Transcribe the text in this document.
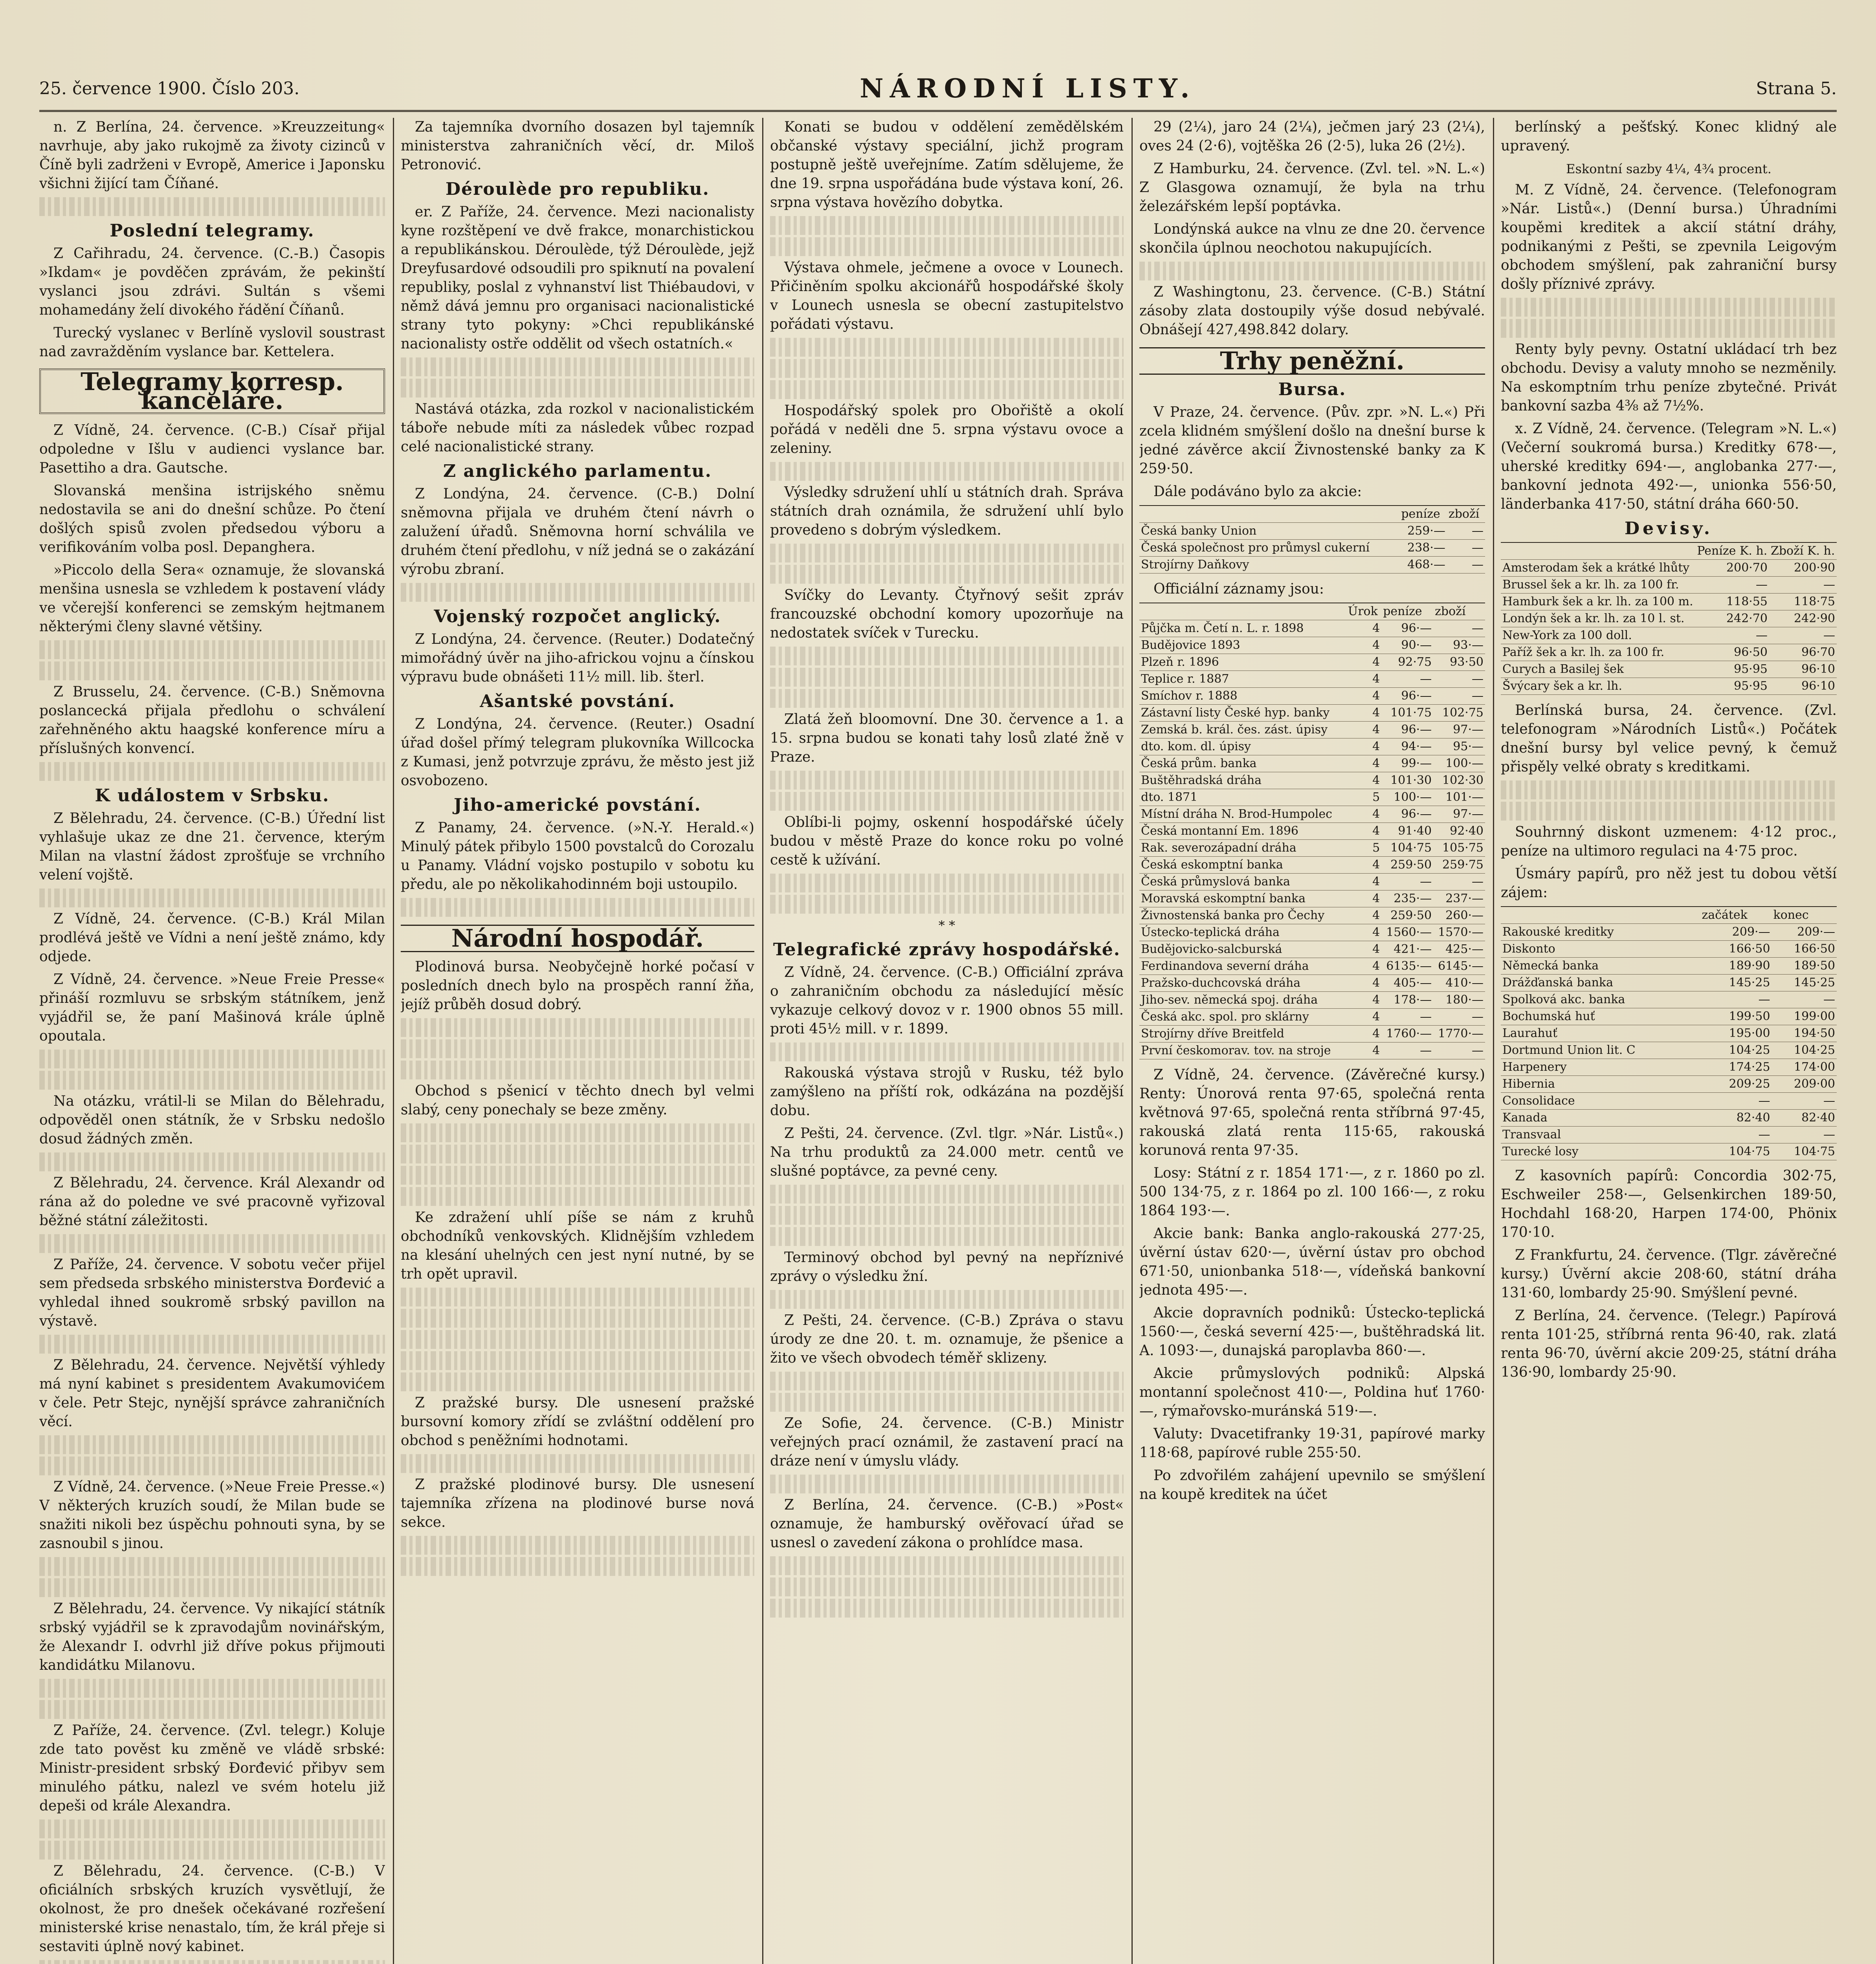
25. července 1900. Číslo 203.	NÁRODNÍ LISTY.	Strana 5.

n. Z Berlína, 24. července. »Kreuzzeitung« navrhuje, aby jako rukojmě za životy cizinců v Číně byli zadrženi v Evropě, Americe i Japonsku všichni žijící tam Číňané.

Poslední telegramy.

Z Cařihradu, 24. července. (C.-B.) Časopis »Ikdam« je povděčen zprávám, že pekinští vyslanci jsou zdrávi. Sultán s všemi mohamedány želí divokého řádění Číňanů.

Turecký vyslanec v Berlíně vyslovil soustrast nad zavražděním vyslance bar. Kettelera.

Telegramy korresp. kanceláře.

Z Vídně, 24. července. (C-B.) Císař přijal odpoledne v Išlu v audienci vyslance bar. Pasettiho a dra. Gautsche.

Slovanská menšina istrijského sněmu nedostavila se ani do dnešní schůze. Po čtení došlých spisů zvolen předsedou výboru a verifikováním volba posl. Depanghera.

»Piccolo della Sera« oznamuje, že slovanská menšina usnesla se vzhledem k postavení vlády ve včerejší konferenci se zemským hejtmanem některými členy slavné většiny.

Z Brusselu, 24. července. (C-B.) Sněmovna poslancecká přijala předlohu o schválení zařehněného aktu haagské konference míru a příslušných konvencí.

K událostem v Srbsku.

Z Bělehradu, 24. července. (C-B.) Úřední list vyhlašuje ukaz ze dne 21. července, kterým Milan na vlastní žádost zprošťuje se vrchního velení vojště.

Z Vídně, 24. července. (C-B.) Král Milan prodlévá ještě ve Vídni a není ještě známo, kdy odjede.

Z Vídně, 24. července. »Neue Freie Presse« přináší rozmluvu se srbským státníkem, jenž vyjádřil se, že paní Mašinová krále úplně opoutala.

Na otázku, vrátil-li se Milan do Bělehradu, odpověděl onen státník, že v Srbsku nedošlo dosud žádných změn.

Z Bělehradu, 24. července. Král Alexandr od rána až do poledne ve své pracovně vyřizoval běžné státní záležitosti.

Z Paříže, 24. července. V sobotu večer přijel sem předseda srbského ministerstva Đorđević a vyhledal ihned soukromě srbský pavillon na výstavě.

Z Bělehradu, 24. července. Největší výhledy má nyní kabinet s presidentem Avakumovićem v čele. Petr Stejc, nynější správce zahraničních věcí.

Z Vídně, 24. července. (»Neue Freie Presse.«) V některých kruzích soudí, že Milan bude se snažiti nikoli bez úspěchu pohnouti syna, by se zasnoubil s jinou.

Z Bělehradu, 24. července. Vy nikající státník srbský vyjádřil se k zpravodajům novinářským, že Alexandr I. odvrhl již dříve pokus přijmouti kandidátku Milanovu.

Z Paříže, 24. července. (Zvl. telegr.) Koluje zde tato pověst ku změně ve vládě srbské: Ministr-president srbský Đorđević přibyv sem minulého pátku, nalezl ve svém hotelu již depeši od krále Alexandra.

Z Bělehradu, 24. července. (C-B.) V oficiálních srbských kruzích vysvětlují, že okolnost, že pro dnešek očekávané rozřešení ministerské krise nenastalo, tím, že král přeje si sestaviti úplně nový kabinet.

Za tajemníka dvorního dosazen byl tajemník ministerstva zahraničních věcí, dr. Miloš Petronović.

Déroulède pro republiku.

er. Z Paříže, 24. července. Mezi nacionalisty kyne rozštěpení ve dvě frakce, monarchistickou a republikánskou. Déroulède, týž Déroulède, jejž Dreyfusardové odsoudili pro spiknutí na povalení republiky, poslal z vyhnanství list Thiébaudovi, v němž dává jemnu pro organisaci nacionalistické strany tyto pokyny: »Chci republikánské nacionalisty ostře oddělit od všech ostatních.«

Nastává otázka, zda rozkol v nacionalistickém táboře nebude míti za následek vůbec rozpad celé nacionalistické strany.

Z anglického parlamentu.

Z Londýna, 24. července. (C-B.) Dolní sněmovna přijala ve druhém čtení návrh o zalužení úřadů. Sněmovna horní schválila ve druhém čtení předlohu, v níž jedná se o zakázání výrobu zbraní.

Vojenský rozpočet anglický.

Z Londýna, 24. července. (Reuter.) Dodatečný mimořádný úvěr na jiho-africkou vojnu a čínskou výpravu bude obnášeti 11½ mill. lib. šterl.

Ašantské povstání.

Z Londýna, 24. července. (Reuter.) Osadní úřad došel přímý telegram plukovníka Willcocka z Kumasi, jenž potvrzuje zprávu, že město jest již osvobozeno.

Jiho-americké povstání.

Z Panamy, 24. července. (»N.-Y. Herald.«) Minulý pátek přibylo 1500 povstalců do Corozalu u Panamy. Vládní vojsko postupilo v sobotu ku předu, ale po několikahodinném boji ustoupilo.

Národní hospodář.

Plodinová bursa. Neobyčejně horké počasí v posledních dnech bylo na prospěch ranní žňa, jejíž průběh dosud dobrý.

Obchod s pšenicí v těchto dnech byl velmi slabý, ceny ponechaly se beze změny.

Ke zdražení uhlí píše se nám z kruhů obchodníků venkovských. Klidnějším vzhledem na klesání uhelných cen jest nyní nutné, by se trh opět upravil.

Z pražské bursy. Dle usnesení pražské bursovní komory zřídí se zvláštní oddělení pro obchod s peněžními hodnotami.

Z pražské plodinové bursy. Dle usnesení tajemníka zřízena na plodinové burse nová sekce.

Konati se budou v oddělení zemědělském občanské výstavy speciální, jichž program postupně ještě uveřejníme. Zatím sdělujeme, že dne 19. srpna uspořádána bude výstava koní, 26. srpna výstava hovězího dobytka.

Výstava ohmele, ječmene a ovoce v Lounech. Přičiněním spolku akcionářů hospodářské školy v Lounech usnesla se obecní zastupitelstvo pořádati výstavu.

Hospodářský spolek pro Obořiště a okolí pořádá v neděli dne 5. srpna výstavu ovoce a zeleniny.

Výsledky sdružení uhlí u státních drah. Správa státních drah oznámila, že sdružení uhlí bylo provedeno s dobrým výsledkem.

Svíčky do Levanty. Čtyřnový sešit zpráv francouzské obchodní komory upozorňuje na nedostatek svíček v Turecku.

Zlatá žeň bloomovní. Dne 30. července a 1. a 15. srpna budou se konati tahy losů zlaté žně v Praze.

Oblíbi-li pojmy, oskenní hospodářské účely budou v městě Praze do konce roku po volné cestě k užívání.

* *
Telegrafické zprávy hospodářské.

Z Vídně, 24. července. (C-B.) Officiální zpráva o zahraničním obchodu za následující měsíc vykazuje celkový dovoz v r. 1900 obnos 55 mill. proti 45½ mill. v r. 1899.

Rakouská výstava strojů v Rusku, též bylo zamýšleno na příští rok, odkázána na pozdější dobu.

Z Pešti, 24. července. (Zvl. tlgr. »Nár. Listů«.) Na trhu produktů za 24.000 metr. centů ve slušné poptávce, za pevné ceny.

Terminový obchod byl pevný na nepříznivé zprávy o výsledku žní.

Z Pešti, 24. července. (C-B.) Zpráva o stavu úrody ze dne 20. t. m. oznamuje, že pšenice a žito ve všech obvodech téměř sklizeny.

Ze Sofie, 24. července. (C-B.) Ministr veřejných prací oznámil, že zastavení prací na dráze není v úmyslu vlády.

Z Berlína, 24. července. (C-B.) »Post« oznamuje, že hamburský ověřovací úřad se usnesl o zavedení zákona o prohlídce masa.

29 (2¼), jaro 24 (2¼), ječmen jarý 23 (2¼), oves 24 (2·6), vojtěška 26 (2·5), luka 26 (2½).

Z Hamburku, 24. července. (Zvl. tel. »N. L.«) Z Glasgowa oznamují, že byla na trhu železářském lepší poptávka.

Londýnská aukce na vlnu ze dne 20. července skončila úplnou neochotou nakupujících.

Z Washingtonu, 23. července. (C-B.) Státní zásoby zlata dostoupily výše dosud nebývalé. Obnášejí 427,498.842 dolary.

Trhy peněžní.
Bursa.

V Praze, 24. července. (Pův. zpr. »N. L.«) Při zcela klidném smýšlení došlo na dnešní burse k jedné závěrce akcií Živnostenské banky za K 259·50.

Dále podáváno bylo za akcie:

	peníze	zboží
Česká banky Union	259·—	—
Česká společnost pro průmysl cukerní	238·—	—
Strojírny Daňkovy	468·—	—

Officiální záznamy jsou:

	Úrok	peníze	zboží
Půjčka m. Četí n. L. r. 1898	4	96·—	—
Budějovice 1893	4	90·—	93·—
Plzeň r. 1896	4	92·75	93·50
Teplice r. 1887	4	—	—
Smíchov r. 1888	4	96·—	—
Zástavní listy České hyp. banky	4	101·75	102·75
Zemská b. král. čes. zást. úpisy	4	96·—	97·—
dto. kom. dl. úpisy	4	94·—	95·—
Česká prům. banka	4	99·—	100·—
Buštěhradská dráha	4	101·30	102·30
dto. 1871	5	100·—	101·—
Místní dráha N. Brod-Humpolec	4	96·—	97·—
Česká montanní Em. 1896	4	91·40	92·40
Rak. severozápadní dráha	5	104·75	105·75
Česká eskomptní banka	4	259·50	259·75
Česká průmyslová banka	4	—	—
Moravská eskomptní banka	4	235·—	237·—
Živnostenská banka pro Čechy	4	259·50	260·—
Ústecko-teplická dráha	4	1560·—	1570·—
Budějovicko-salcburská	4	421·—	425·—
Ferdinandova severní dráha	4	6135·—	6145·—
Pražsko-duchcovská dráha	4	405·—	410·—
Jiho-sev. německá spoj. dráha	4	178·—	180·—
Česká akc. spol. pro sklárny	4	—	—
Strojírny dříve Breitfeld	4	1760·—	1770·—
První českomorav. tov. na stroje	4	—	—

Z Vídně, 24. července. (Závěrečné kursy.) Renty: Únorová renta 97·65, společná renta květnová 97·65, společná renta stříbrná 97·45, rakouská zlatá renta 115·65, rakouská korunová renta 97·35.

Losy: Státní z r. 1854 171·—, z r. 1860 po zl. 500 134·75, z r. 1864 po zl. 100 166·—, z roku 1864 193·—.

Akcie bank: Banka anglo-rakouská 277·25, úvěrní ústav 620·—, úvěrní ústav pro obchod 671·50, unionbanka 518·—, vídeňská bankovní jednota 495·—.

Akcie dopravních podniků: Ústecko-teplická 1560·—, česká severní 425·—, buštěhradská lit. A. 1093·—, dunajská paroplavba 860·—.

Akcie průmyslových podniků: Alpská montanní společnost 410·—, Poldina huť 1760·—, rýmařovsko-muránská 519·—.

Valuty: Dvacetifranky 19·31, papírové marky 118·68, papírové ruble 255·50.

Po zdvořilém zahájení upevnilo se smýšlení na koupě kreditek na účet

berlínský a pešťský. Konec klidný ale upravený.

Eskontní sazby 4¼, 4¾ procent.

M. Z Vídně, 24. července. (Telefonogram »Nár. Listů«.) (Denní bursa.) Úhradními koupěmi kreditek a akcií státní dráhy, podnikanými z Pešti, se zpevnila Leigovým obchodem smýšlení, pak zahraniční bursy došly příznivé zprávy.

Renty byly pevny. Ostatní ukládací trh bez obchodu. Devisy a valuty mnoho se nezměnily. Na eskomptním trhu peníze zbytečné. Privát bankovní sazba 4⅜ až 7½%.

x. Z Vídně, 24. července. (Telegram »N. L.«) (Večerní soukromá bursa.) Kreditky 678·—, uherské kreditky 694·—, anglobanka 277·—, bankovní jednota 492·—, unionka 556·50, länderbanka 417·50, státní dráha 660·50.

Devisy.
	Peníze K. h.	Zboží K. h.
Amsterodam šek a krátké lhůty	200·70	200·90
Brussel šek a kr. lh. za 100 fr.	—	—
Hamburk šek a kr. lh. za 100 m.	118·55	118·75
Londýn šek a kr. lh. za 10 l. st.	242·70	242·90
New-York za 100 doll.	—	—
Paříž šek a kr. lh. za 100 fr.	96·50	96·70
Curych a Basilej šek	95·95	96·10
Švýcary šek a kr. lh.	95·95	96·10

Berlínská bursa, 24. července. (Zvl. telefonogram »Národních Listů«.) Počátek dnešní bursy byl velice pevný, k čemuž přispěly velké obraty s kreditkami.

Souhrnný diskont uzmenem: 4·12 proc., peníze na ultimoro regulaci na 4·75 proc.

Úsmáry papírů, pro něž jest tu dobou větší zájem:

	začátek	konec
Rakouské kreditky	209·—	209·—
Diskonto	166·50	166·50
Německá banka	189·90	189·50
Drážďanská banka	145·25	145·25
Spolková akc. banka	—	—
Bochumská huť	199·50	199·00
Laurahuť	195·00	194·50
Dortmund Union lit. C	104·25	104·25
Harpenery	174·25	174·00
Hibernia	209·25	209·00
Consolidace	—	—
Kanada	82·40	82·40
Transvaal	—	—
Turecké losy	104·75	104·75

Z kasovních papírů: Concordia 302·75, Eschweiler 258·—, Gelsenkirchen 189·50, Hochdahl 168·20, Harpen 174·00, Phönix 170·10.

Z Frankfurtu, 24. července. (Tlgr. závěrečné kursy.) Úvěrní akcie 208·60, státní dráha 131·60, lombardy 25·90. Smýšlení pevné.

Z Berlína, 24. července. (Telegr.) Papírová renta 101·25, stříbrná renta 96·40, rak. zlatá renta 96·70, úvěrní akcie 209·25, státní dráha 136·90, lombardy 25·90.
